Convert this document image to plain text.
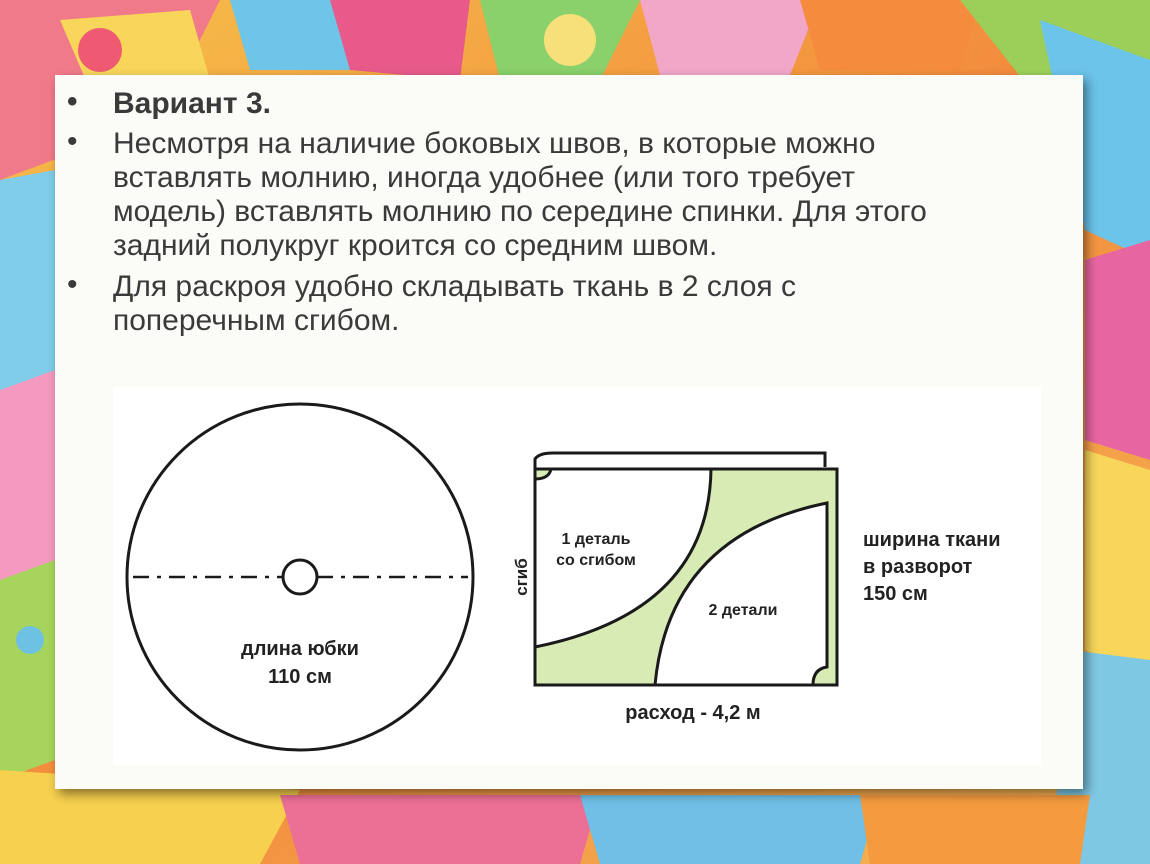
• Вариант 3.
• Несмотря на наличие боковых швов, в которые можно
вставлять молнию, иногда удобнее (или того требует
модель) вставлять молнию по середине спинки. Для этого
задний полукруг кроится со средним швом.
• Для раскроя удобно складывать ткань в 2 слоя с
поперечным сгибом.
длина юбки
110 см
1 деталь
со сгибом
2 детали
сгиб
ширина ткани
в разворот
150 см
расход - 4,2 м
